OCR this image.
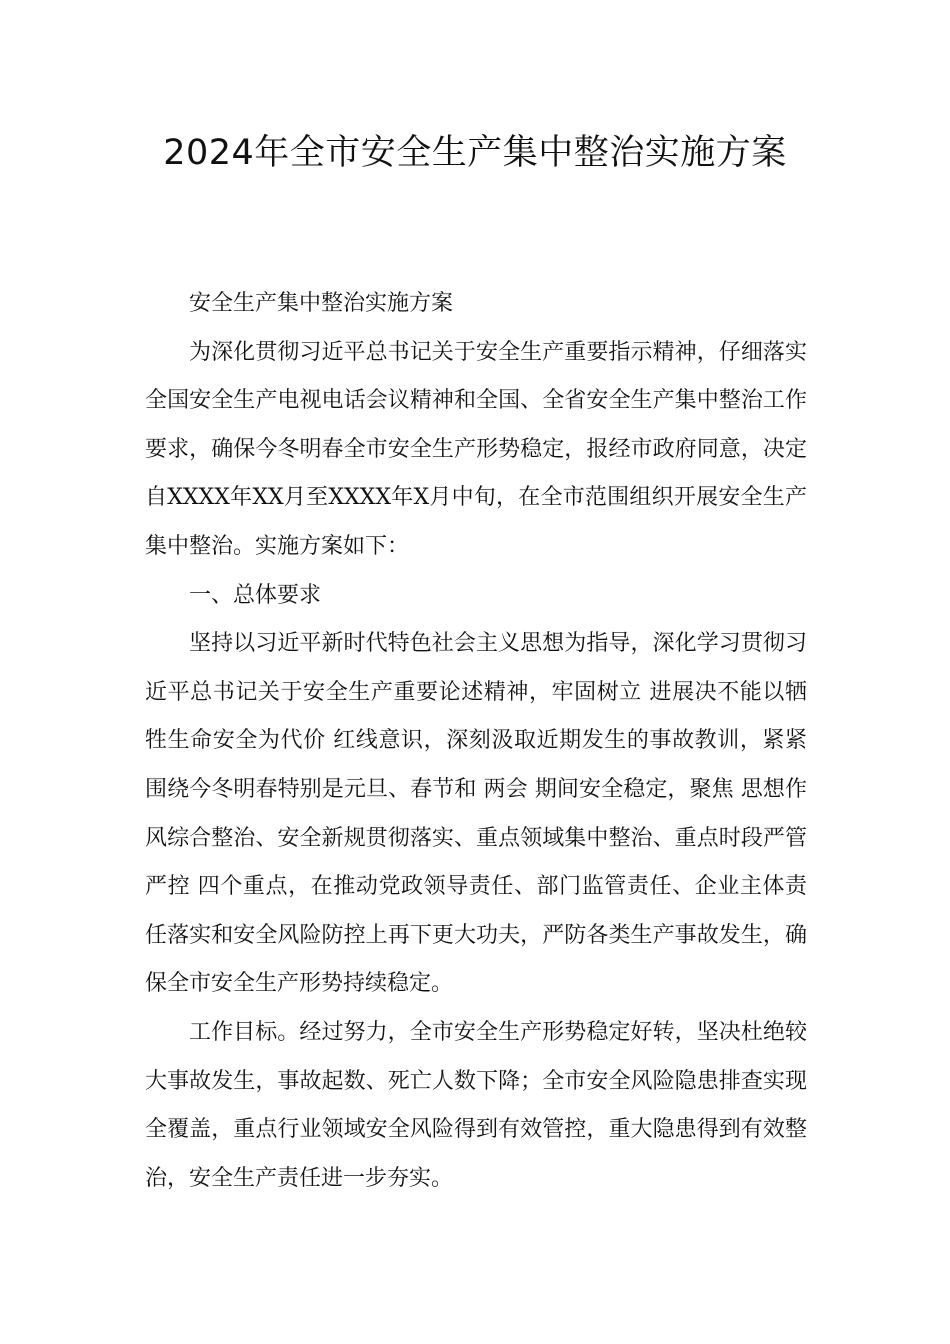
2024年全市安全生产集中整治实施方案

安全生产集中整治实施方案

为深化贯彻习近平总书记关于安全生产重要指示精神，仔细落实全国安全生产电视电话会议精神和全国、全省安全生产集中整治工作要求，确保今冬明春全市安全生产形势稳定，报经市政府同意，决定自XXXX年XX月至XXXX年X月中旬，在全市范围组织开展安全生产集中整治。实施方案如下：

一、总体要求

坚持以习近平新时代特色社会主义思想为指导，深化学习贯彻习近平总书记关于安全生产重要论述精神，牢固树立 进展决不能以牺牲生命安全为代价 红线意识，深刻汲取近期发生的事故教训，紧紧围绕今冬明春特别是元旦、春节和 两会 期间安全稳定，聚焦 思想作风综合整治、安全新规贯彻落实、重点领域集中整治、重点时段严管严控 四个重点，在推动党政领导责任、部门监管责任、企业主体责任落实和安全风险防控上再下更大功夫，严防各类生产事故发生，确保全市安全生产形势持续稳定。

工作目标。经过努力，全市安全生产形势稳定好转，坚决杜绝较大事故发生，事故起数、死亡人数下降；全市安全风险隐患排查实现全覆盖，重点行业领域安全风险得到有效管控，重大隐患得到有效整治，安全生产责任进一步夯实。
